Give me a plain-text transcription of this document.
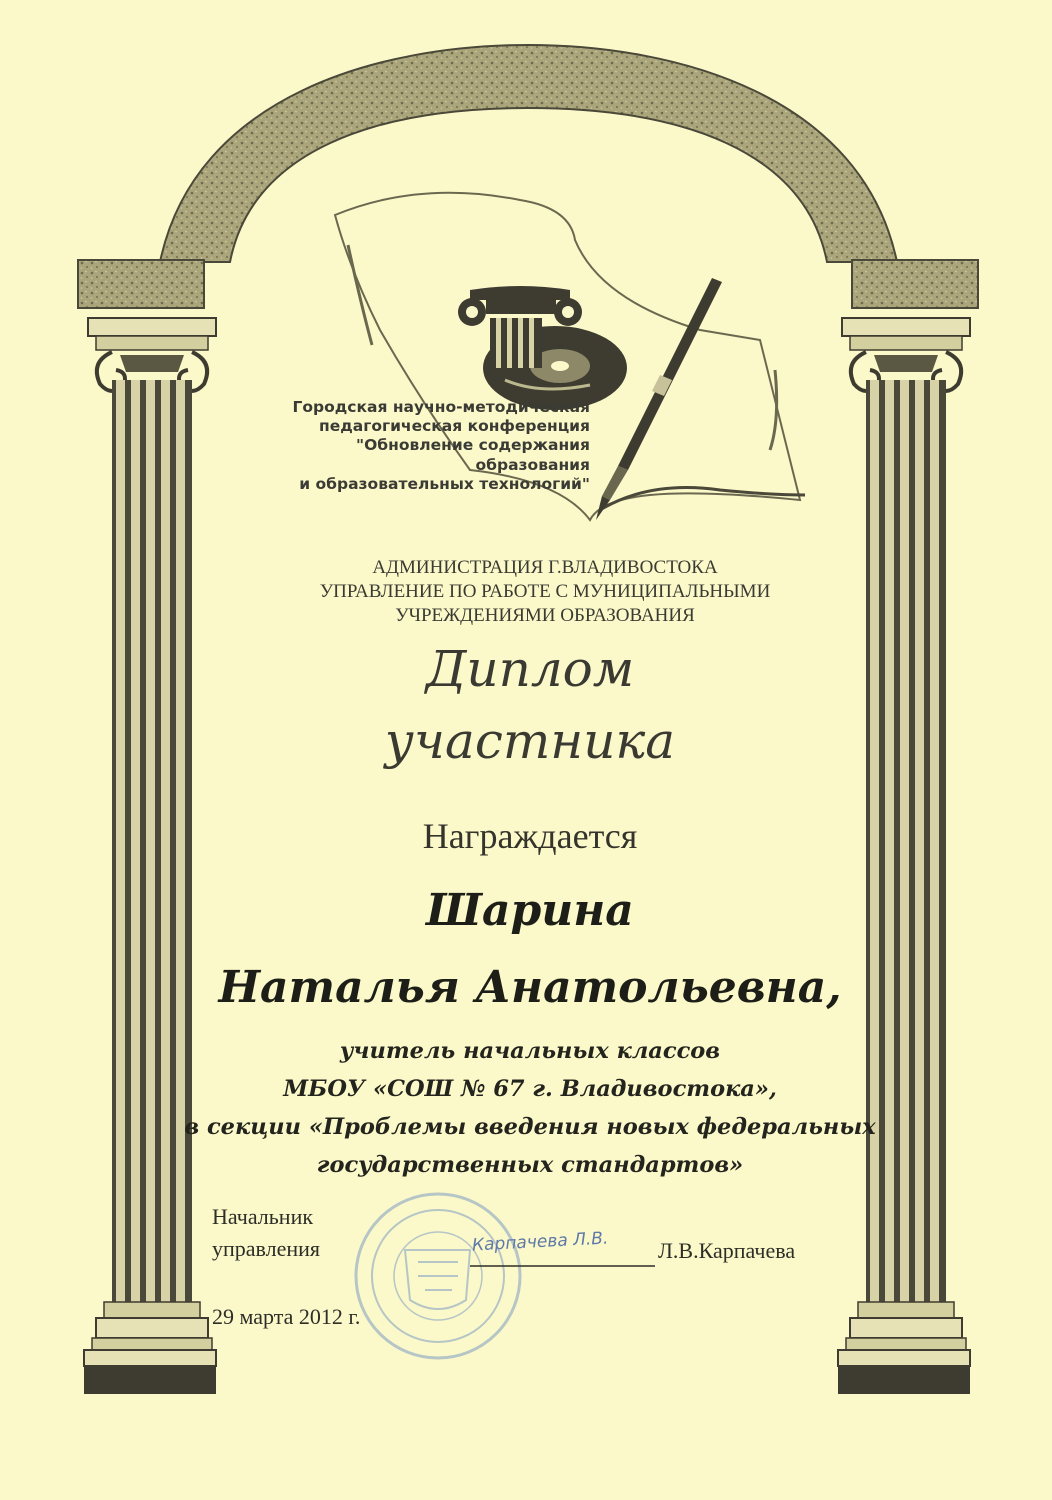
Городская научно-методическая
педагогическая конференция
"Обновление содержания
образования
и образовательных технологий"
АДМИНИСТРАЦИЯ Г.ВЛАДИВОСТОКА
УПРАВЛЕНИЕ ПО РАБОТЕ С МУНИЦИПАЛЬНЫМИ
УЧРЕЖДЕНИЯМИ ОБРАЗОВАНИЯ
Диплом
участника
Награждается
Шарина
Наталья Анатольевна,
учитель начальных классов
МБОУ «СОШ № 67 г. Владивостока»,
в секции «Проблемы введения новых федеральных
государственных стандартов»
Начальник
управления	Карпачева Л.В. Л.В.Карпачева
29 марта 2012 г.
